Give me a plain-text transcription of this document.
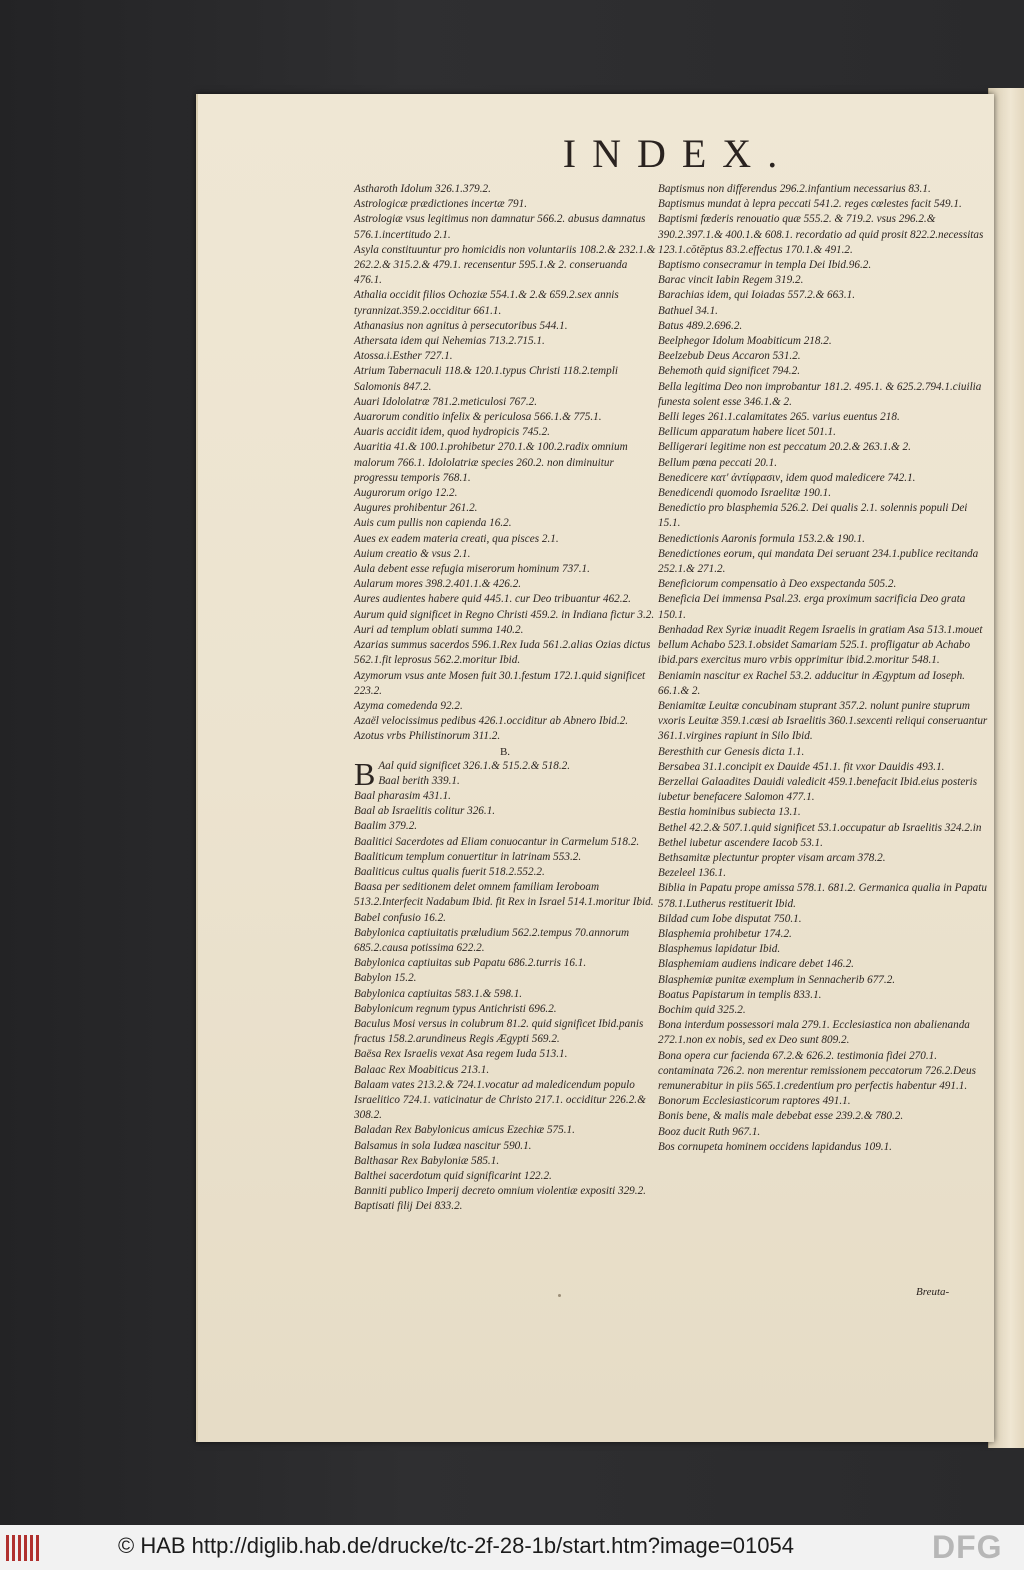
INDEX.
Astharoth Idolum 326.1.379.2.
Astrologicæ prædictiones incertæ 791.
Astrologiæ vsus legitimus non damnatur 566.2. abusus damnatus 576.1.incertitudo 2.1.
Asyla constituuntur pro homicidis non voluntariis 108.2.& 232.1.& 262.2.& 315.2.& 479.1. recensentur 595.1.& 2. conseruanda 476.1.
Athalia occidit filios Ochoziæ 554.1.& 2.& 659.2.sex annis tyrannizat.359.2.occiditur 661.1.
Athanasius non agnitus à persecutoribus 544.1.
Athersata idem qui Nehemias 713.2.715.1.
Atossa.i.Esther 727.1.
Atrium Tabernaculi 118.& 120.1.typus Christi 118.2.templi Salomonis 847.2.
Auari Idololatræ 781.2.meticulosi 767.2.
Auarorum conditio infelix & periculosa 566.1.& 775.1.
Auaris accidit idem, quod hydropicis 745.2.
Auaritia 41.& 100.1.prohibetur 270.1.& 100.2.radix omnium malorum 766.1. Idololatriæ species 260.2. non diminuitur progressu temporis 768.1.
Augurorum origo 12.2.
Augures prohibentur 261.2.
Auis cum pullis non capienda 16.2.
Aues ex eadem materia creati, qua pisces 2.1.
Auium creatio & vsus 2.1.
Aula debent esse refugia miserorum hominum 737.1.
Aularum mores 398.2.401.1.& 426.2.
Aures audientes habere quid 445.1. cur Deo tribuantur 462.2.
Aurum quid significet in Regno Christi 459.2. in Indiana fictur 3.2.
Auri ad templum oblati summa 140.2.
Azarias summus sacerdos 596.1.Rex Iuda 561.2.alias Ozias dictus 562.1.fit leprosus 562.2.moritur Ibid.
Azymorum vsus ante Mosen fuit 30.1.festum 172.1.quid significet 223.2.
Azyma comedenda 92.2.
Azaël velocissimus pedibus 426.1.occiditur ab Abnero Ibid.2.
Azotus vrbs Philistinorum 311.2.
B.
B Aal quid significet 326.1.& 515.2.& 518.2.
Baal berith 339.1.
Baal pharasim 431.1.
Baal ab Israelitis colitur 326.1.
Baalim 379.2.
Baalitici Sacerdotes ad Eliam conuocantur in Carmelum 518.2.
Baaliticum templum conuertitur in latrinam 553.2.
Baaliticus cultus qualis fuerit 518.2.552.2.
Baasa per seditionem delet omnem familiam Ieroboam 513.2.Interfecit Nadabum Ibid. fit Rex in Israel 514.1.moritur Ibid.
Babel confusio 16.2.
Babylonica captiuitatis præludium 562.2.tempus 70.annorum 685.2.causa potissima 622.2.
Babylonica captiuitas sub Papatu 686.2.turris 16.1.
Babylon 15.2.
Babylonica captiuitas 583.1.& 598.1.
Babylonicum regnum typus Antichristi 696.2.
Baculus Mosi versus in colubrum 81.2. quid significet Ibid.panis fractus 158.2.arundineus Regis Ægypti 569.2.
Baësa Rex Israelis vexat Asa regem Iuda 513.1.
Balaac Rex Moabiticus 213.1.
Balaam vates 213.2.& 724.1.vocatur ad maledicendum populo Israelitico 724.1. vaticinatur de Christo 217.1. occiditur 226.2.& 308.2.
Baladan Rex Babylonicus amicus Ezechiæ 575.1.
Balsamus in sola Iudæa nascitur 590.1.
Balthasar Rex Babyloniæ 585.1.
Balthei sacerdotum quid significarint 122.2.
Banniti publico Imperij decreto omnium violentiæ expositi 329.2.
Baptisati filij Dei 833.2.
Baptismus non differendus 296.2.infantium necessarius 83.1.
Baptismus mundat à lepra peccati 541.2. reges cœlestes facit 549.1.
Baptismi fœderis renouatio quæ 555.2. & 719.2. vsus 296.2.& 390.2.397.1.& 400.1.& 608.1. recordatio ad quid prosit 822.2.necessitas 123.1.cōtēptus 83.2.effectus 170.1.& 491.2.
Baptismo consecramur in templa Dei Ibid.96.2.
Barac vincit Iabin Regem 319.2.
Barachias idem, qui Ioiadas 557.2.& 663.1.
Bathuel 34.1.
Batus 489.2.696.2.
Beelphegor Idolum Moabiticum 218.2.
Beelzebub Deus Accaron 531.2.
Behemoth quid significet 794.2.
Bella legitima Deo non improbantur 181.2. 495.1. & 625.2.794.1.ciuilia funesta solent esse 346.1.& 2.
Belli leges 261.1.calamitates 265. varius euentus 218.
Bellicum apparatum habere licet 501.1.
Belligerari legitime non est peccatum 20.2.& 263.1.& 2.
Bellum pœna peccati 20.1.
Benedicere κατ' ἀντίφρασιν, idem quod maledicere 742.1.
Benedicendi quomodo Israelitæ 190.1.
Benedictio pro blasphemia 526.2. Dei qualis 2.1. solennis populi Dei 15.1.
Benedictionis Aaronis formula 153.2.& 190.1.
Benedictiones eorum, qui mandata Dei seruant 234.1.publice recitanda 252.1.& 271.2.
Beneficiorum compensatio à Deo exspectanda 505.2.
Beneficia Dei immensa Psal.23. erga proximum sacrificia Deo grata 150.1.
Benhadad Rex Syriæ inuadit Regem Israelis in gratiam Asa 513.1.mouet bellum Achabo 523.1.obsidet Samariam 525.1. profligatur ab Achabo ibid.pars exercitus muro vrbis opprimitur ibid.2.moritur 548.1.
Beniamin nascitur ex Rachel 53.2. adducitur in Ægyptum ad Ioseph. 66.1.& 2.
Beniamitæ Leuitæ concubinam stuprant 357.2. nolunt punire stuprum vxoris Leuitæ 359.1.cæsi ab Israelitis 360.1.sexcenti reliqui conseruantur 361.1.virgines rapiunt in Silo Ibid.
Beresthith cur Genesis dicta 1.1.
Bersabea 31.1.concipit ex Dauide 451.1. fit vxor Dauidis 493.1.
Berzellai Galaadites Dauidi valedicit 459.1.benefacit Ibid.eius posteris iubetur benefacere Salomon 477.1.
Bestia hominibus subiecta 13.1.
Bethel 42.2.& 507.1.quid significet 53.1.occupatur ab Israelitis 324.2.in Bethel iubetur ascendere Iacob 53.1.
Bethsamitæ plectuntur propter visam arcam 378.2.
Bezeleel 136.1.
Biblia in Papatu prope amissa 578.1. 681.2. Germanica qualia in Papatu 578.1.Lutherus restituerit Ibid.
Bildad cum Iobe disputat 750.1.
Blasphemia prohibetur 174.2.
Blasphemus lapidatur Ibid.
Blasphemiam audiens indicare debet 146.2.
Blasphemiæ punitæ exemplum in Sennacherib 677.2.
Boatus Papistarum in templis 833.1.
Bochim quid 325.2.
Bona interdum possessori mala 279.1. Ecclesiastica non abalienanda 272.1.non ex nobis, sed ex Deo sunt 809.2.
Bona opera cur facienda 67.2.& 626.2. testimonia fidei 270.1. contaminata 726.2. non merentur remissionem peccatorum 726.2.Deus remunerabitur in piis 565.1.credentium pro perfectis habentur 491.1.
Bonorum Ecclesiasticorum raptores 491.1.
Bonis bene, & malis male debebat esse 239.2.& 780.2.
Booz ducit Ruth 967.1.
Bos cornupeta hominem occidens lapidandus 109.1.
Breuta-
© HAB http://diglib.hab.de/drucke/tc-2f-28-1b/start.htm?image=01054	DFG
